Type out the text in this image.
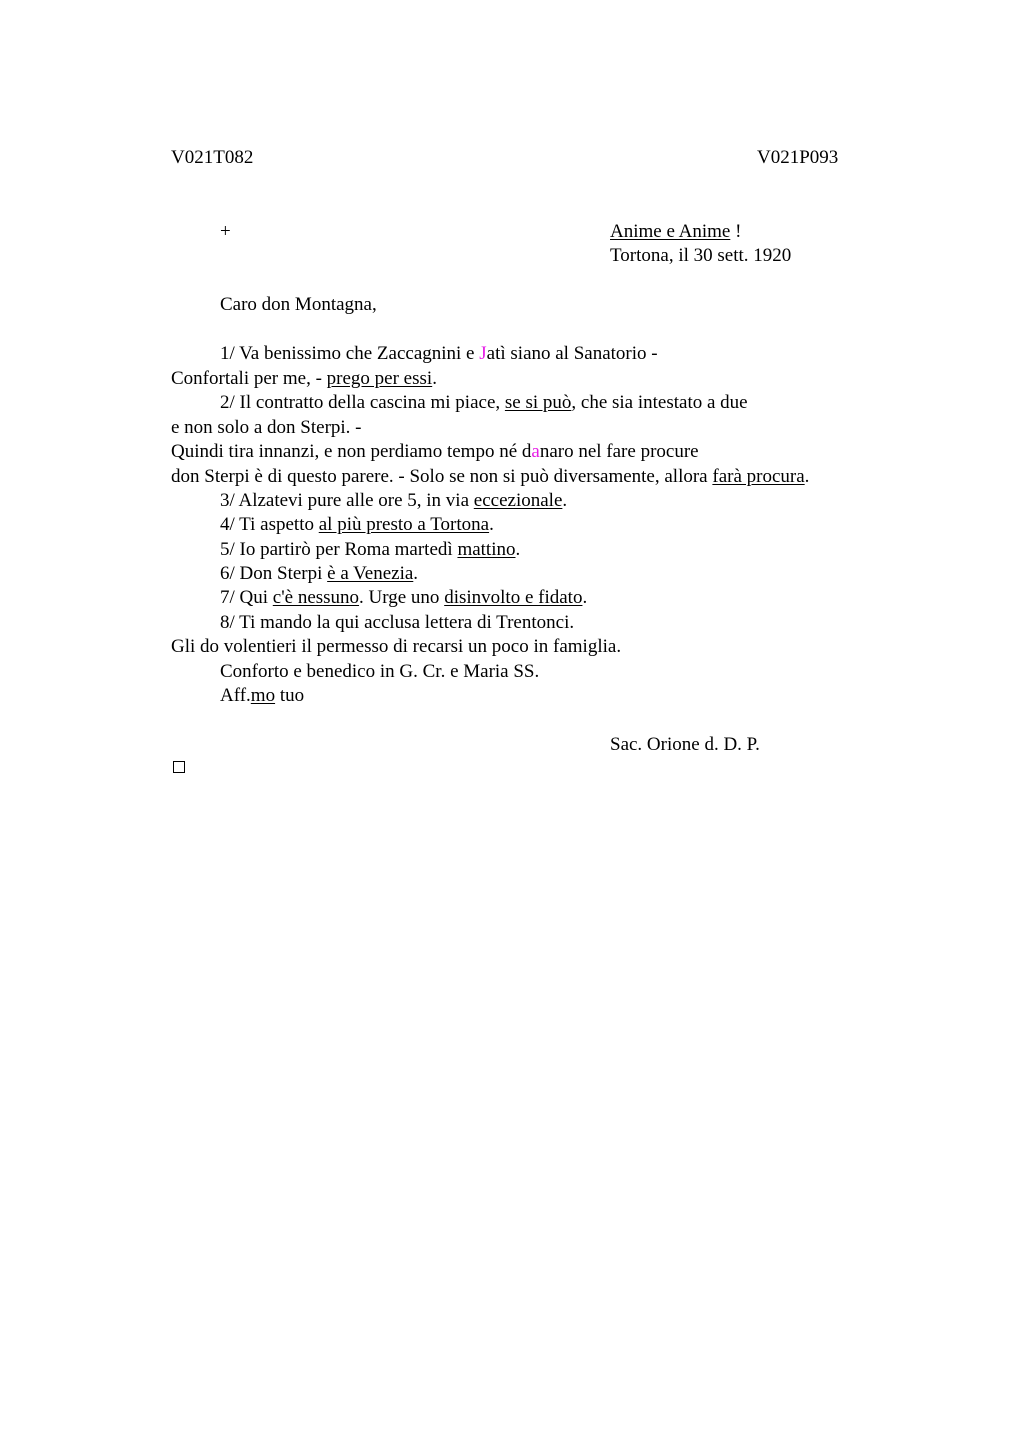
V021T082	V021P093
+	Anime e Anime !
Tortona, il 30 sett. 1920
Caro don Montagna,
1/ Va benissimo che Zaccagnini e Jatì siano al Sanatorio -
Confortali per me, - prego per essi.
2/ Il contratto della cascina mi piace, se si può, che sia intestato a due
e non solo a don Sterpi. -
Quindi tira innanzi, e non perdiamo tempo né danaro nel fare procure
don Sterpi è di questo parere. - Solo se non si può diversamente, allora farà procura.
3/ Alzatevi pure alle ore 5, in via eccezionale.
4/ Ti aspetto al più presto a Tortona.
5/ Io partirò per Roma martedì mattino.
6/ Don Sterpi è a Venezia.
7/ Qui c'è nessuno. Urge uno disinvolto e fidato.
8/ Ti mando la qui acclusa lettera di Trentonci.
Gli do volentieri il permesso di recarsi un poco in famiglia.
Conforto e benedico in G. Cr. e Maria SS.
Aff.mo tuo
Sac. Orione d. D. P.
